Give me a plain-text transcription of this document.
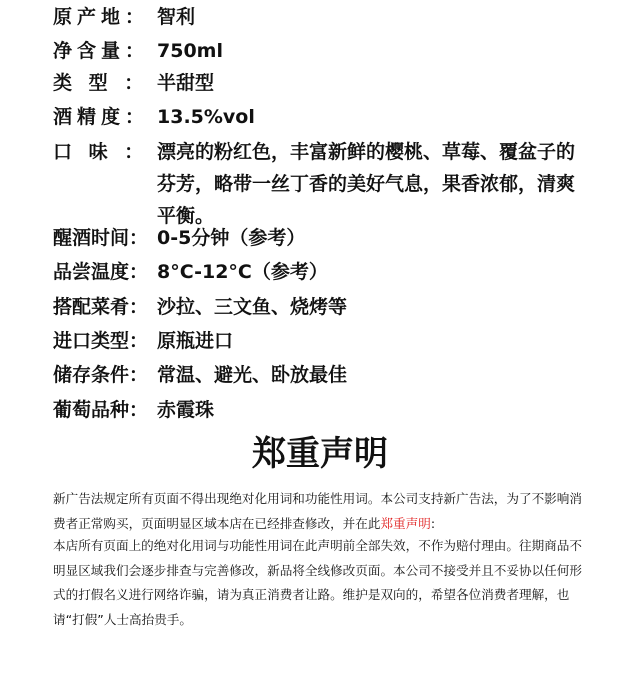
原产地： 智利
净含量： 750ml
类 型 ： 半甜型
酒精度： 13.5%vol
口 味 ： 漂亮的粉红色，丰富新鲜的樱桃、草莓、覆盆子的芬芳，略带一丝丁香的美好气息，果香浓郁，清爽平衡。
醒酒时间： 0-5分钟（参考）
品尝温度： 8°C-12°C（参考）
搭配菜肴： 沙拉、三文鱼、烧烤等
进口类型： 原瓶进口
储存条件： 常温、避光、卧放最佳
葡萄品种： 赤霞珠
郑重声明
新广告法规定所有页面不得出现绝对化用词和功能性用词。本公司支持新广告法，为了不影响消费者正常购买，页面明显区域本店在已经排查修改，并在此郑重声明:
本店所有页面上的绝对化用词与功能性用词在此声明前全部失效，不作为赔付理由。往期商品不明显区域我们会逐步排查与完善修改，新品将全线修改页面。本公司不接受并且不妥协以任何形式的打假名义进行网络诈骗，请为真正消费者让路。维护是双向的，希望各位消费者理解，也请“打假”人士高抬贵手。
